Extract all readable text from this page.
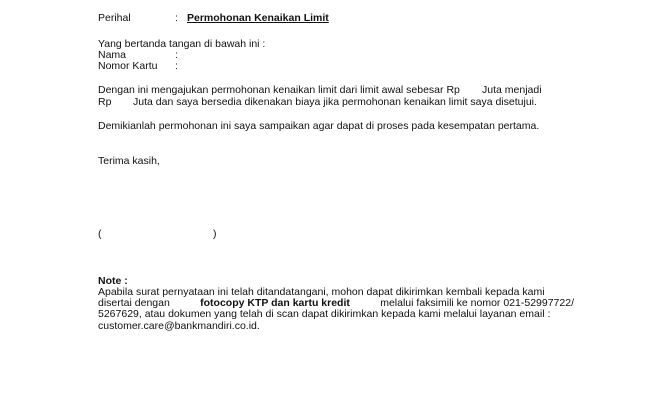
Perihal	: Permohonan Kenaikan Limit
Yang bertanda tangan di bawah ini :
Nama	:
Nomor Kartu :
Dengan ini mengajukan permohonan kenaikan limit dari limit awal sebesar Rp Juta menjadi
Rp Juta dan saya bersedia dikenakan biaya jika permohonan kenaikan limit saya disetujui.
Demikianlah permohonan ini saya sampaikan agar dapat di proses pada kesempatan pertama.
Terima kasih,
(	)
Note :
Apabila surat pernyataan ini telah ditandatangani, mohon dapat dikirimkan kembali kepada kami
disertai dengan	fotocopy KTP dan kartu kredit	melalui faksimili ke nomor 021-52997722/
5267629, atau dokumen yang telah di scan dapat dikirimkan kepada kami melalui layanan email :
customer.care@bankmandiri.co.id.
